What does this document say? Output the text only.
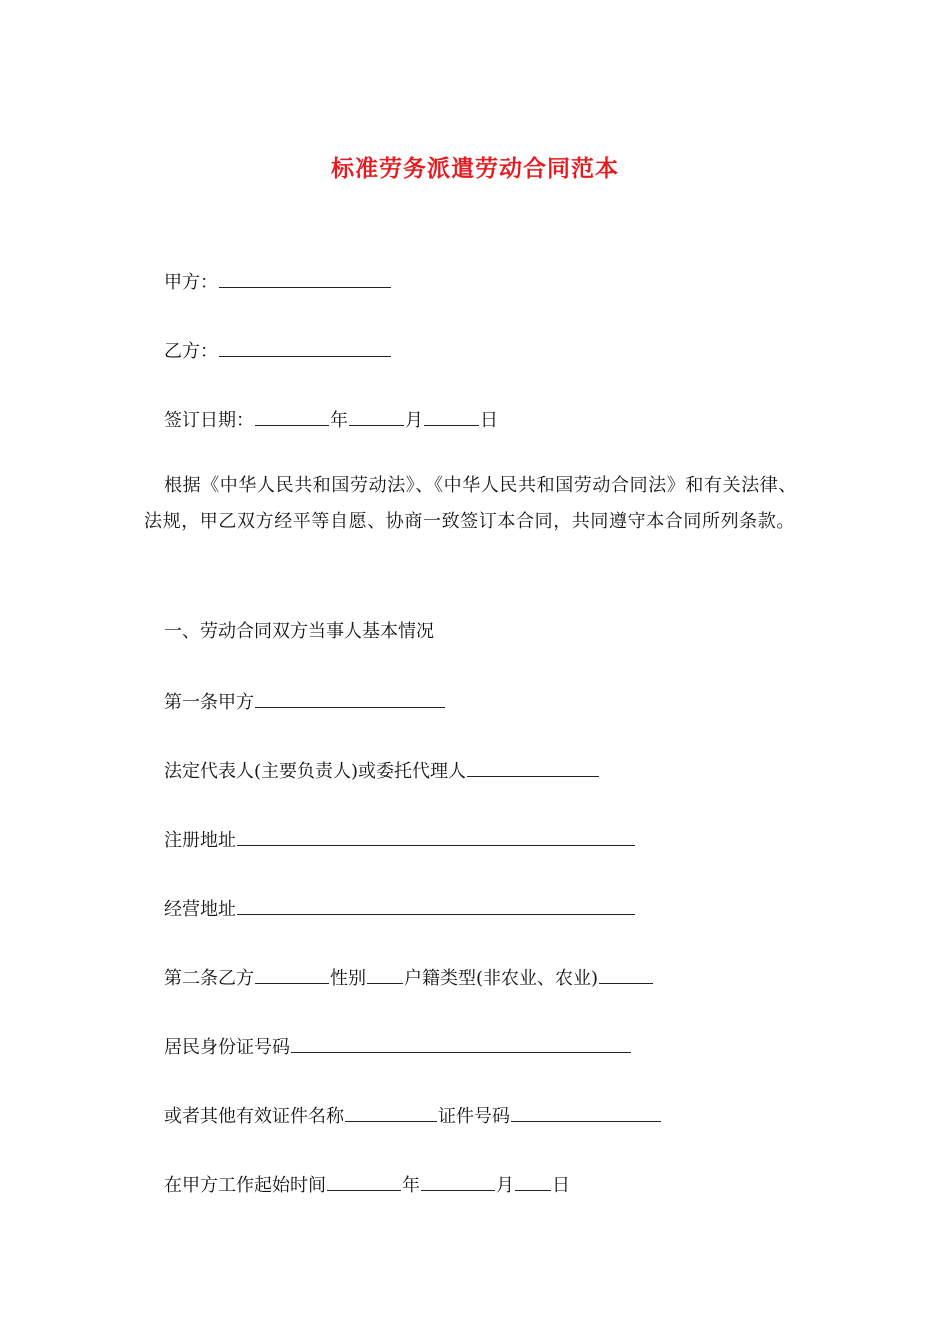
标准劳务派遣劳动合同范本
甲方：
乙方：
签订日期：	年	月	日
根据《中华人民共和国劳动法》、《中华人民共和国劳动合同法》和有关法律、法规，甲乙双方经平等自愿、协商一致签订本合同，共同遵守本合同所列条款。
一、劳动合同双方当事人基本情况
第一条甲方
法定代表人(主要负责人)或委托代理人
注册地址
经营地址
第二条乙方	性别 户籍类型(非农业、农业)
居民身份证号码
或者其他有效证件名称	证件号码
在甲方工作起始时间	年	月 日
